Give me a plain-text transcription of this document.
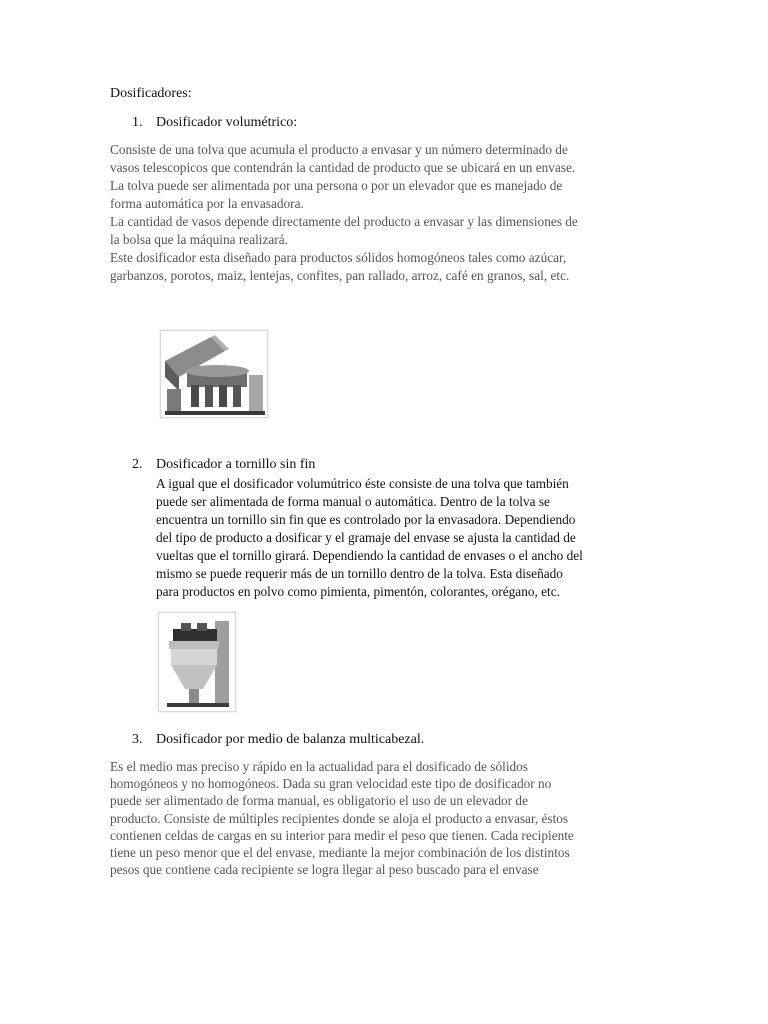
Dosificadores:
1. Dosificador volumétrico:
Consiste de una tolva que acumula el producto a envasar y un número determinado de
vasos telescopicos que contendrán la cantidad de producto que se ubicará en un envase.
La tolva puede ser alimentada por una persona o por un elevador que es manejado de
forma automática por la envasadora.
La cantidad de vasos depende directamente del producto a envasar y las dimensiones de
la bolsa que la máquina realizará.
Este dosificador esta diseñado para productos sólidos homogóneos tales como azúcar,
garbanzos, porotos, maiz, lentejas, confites, pan rallado, arroz, café en granos, sal, etc.
2. Dosificador a tornillo sin fin
A igual que el dosificador volumútrico éste consiste de una tolva que también
puede ser alimentada de forma manual o automática. Dentro de la tolva se
encuentra un tornillo sin fin que es controlado por la envasadora. Dependiendo
del tipo de producto a dosificar y el gramaje del envase se ajusta la cantidad de
vueltas que el tornillo girará. Dependiendo la cantidad de envases o el ancho del
mismo se puede requerir más de un tornillo dentro de la tolva. Esta diseñado
para productos en polvo como pimienta, pimentón, colorantes, orégano, etc.
3. Dosificador por medio de balanza multicabezal.
Es el medio mas preciso y rápido en la actualidad para el dosificado de sólidos
homogóneos y no homogóneos. Dada su gran velocidad este tipo de dosificador no
puede ser alimentado de forma manual, es obligatorio el uso de un elevador de
producto. Consiste de múltiples recipientes donde se aloja el producto a envasar, éstos
contienen celdas de cargas en su interior para medir el peso que tienen. Cada recipiente
tiene un peso menor que el del envase, mediante la mejor combinación de los distintos
pesos que contiene cada recipiente se logra llegar al peso buscado para el envase
